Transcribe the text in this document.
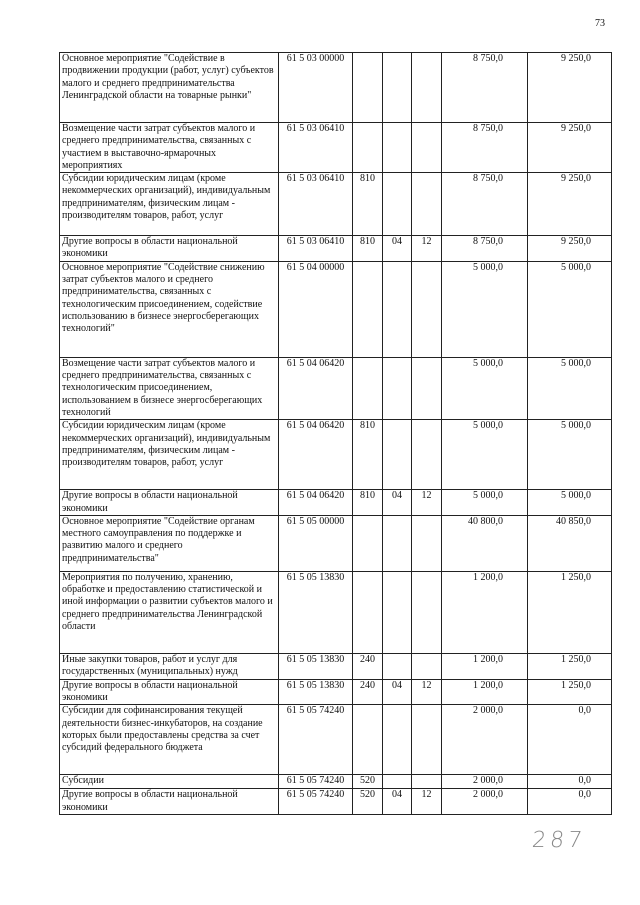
73
Основное мероприятие "Содействие в продвижении продукции (работ, услуг) субъектов малого и среднего предпринимательства Ленинградской области на товарные рынки"	61 5 03 00000				8 750,0	9 250,0
Возмещение части затрат субъектов малого и среднего предпринимательства, связанных с участием в выставочно-ярмарочных мероприятиях	61 5 03 06410				8 750,0	9 250,0
Субсидии юридическим лицам (кроме некоммерческих организаций), индивидуальным предпринимателям, физическим лицам - производителям товаров, работ, услуг	61 5 03 06410	810			8 750,0	9 250,0
Другие вопросы в области национальной экономики	61 5 03 06410	810	04	12	8 750,0	9 250,0
Основное мероприятие "Содействие снижению затрат субъектов малого и среднего предпринимательства, связанных с технологическим присоединением, содействие использованию в бизнесе энергосберегающих технологий"	61 5 04 00000				5 000,0	5 000,0
Возмещение части затрат субъектов малого и среднего предпринимательства, связанных с технологическим присоединением, использованием в бизнесе энергосберегающих технологий	61 5 04 06420				5 000,0	5 000,0
Субсидии юридическим лицам (кроме некоммерческих организаций), индивидуальным предпринимателям, физическим лицам - производителям товаров, работ, услуг	61 5 04 06420	810			5 000,0	5 000,0
Другие вопросы в области национальной экономики	61 5 04 06420	810	04	12	5 000,0	5 000,0
Основное мероприятие "Содействие органам местного самоуправления по поддержке и развитию малого и среднего предпринимательства"	61 5 05 00000				40 800,0	40 850,0
Мероприятия по получению, хранению, обработке и предоставлению статистической и иной информации о развитии субъектов малого и среднего предпринимательства Ленинградской области	61 5 05 13830				1 200,0	1 250,0
Иные закупки товаров, работ и услуг для государственных (муниципальных) нужд	61 5 05 13830	240			1 200,0	1 250,0
Другие вопросы в области национальной экономики	61 5 05 13830	240	04	12	1 200,0	1 250,0
Субсидии для софинансирования текущей деятельности бизнес-инкубаторов, на создание которых были предоставлены средства за счет субсидий федерального бюджета	61 5 05 74240				2 000,0	0,0
Субсидии	61 5 05 74240	520			2 000,0	0,0
Другие вопросы в области национальной экономики	61 5 05 74240	520	04	12	2 000,0	0,0
287
